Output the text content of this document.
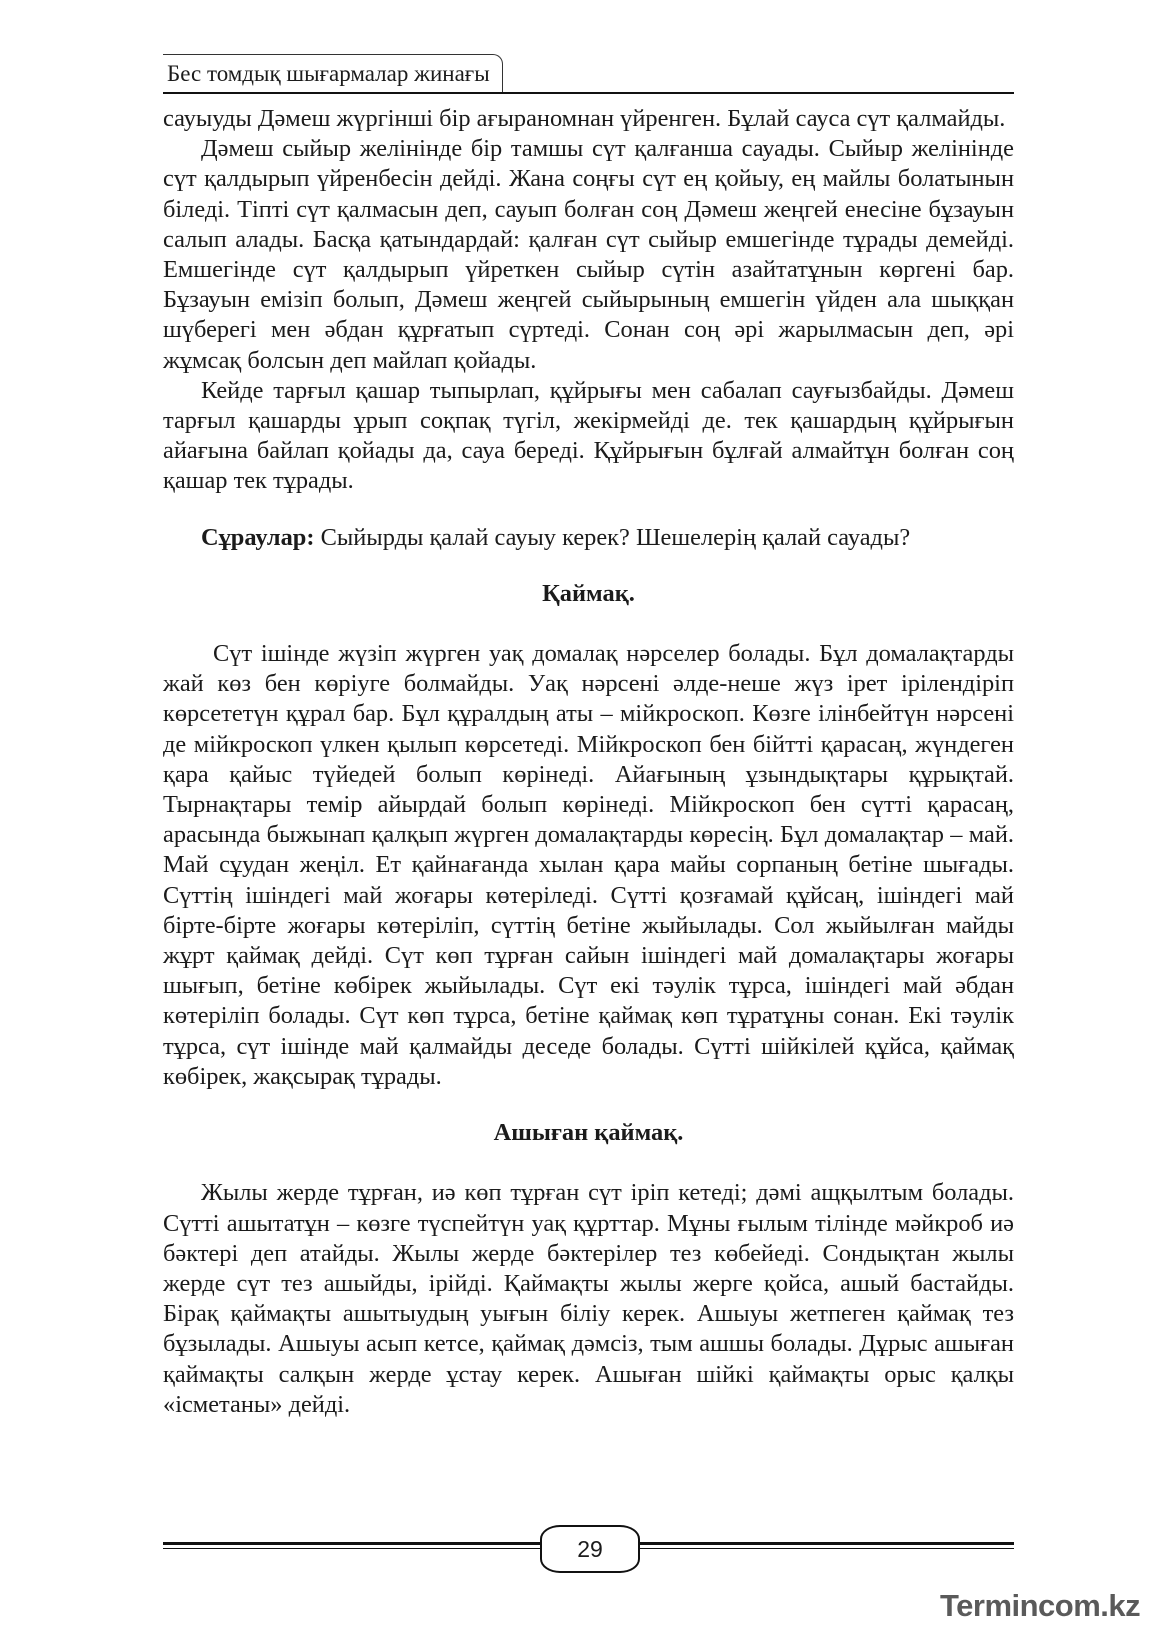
Бес томдық шығармалар жинағы

сауыуды Дәмеш жүргінші бір ағыраномнан үйренген. Бұлай сауса сүт қалмайды.

Дәмеш сыйыр желінінде бір тамшы сүт қалғанша сауады. Сыйыр желінінде сүт қалдырып үйренбесін дейді. Жана соңғы сүт ең қойыу, ең майлы болатынын біледі. Тіпті сүт қалмасын деп, сауып болған соң Дәмеш жеңгей енесіне бұзауын салып алады. Басқа қатындардай: қалған сүт сыйыр емшегінде тұрады демейді. Емшегінде сүт қалдырып үйреткен сыйыр сүтін азайтатұнын көргені бар. Бұзауын емізіп болып, Дәмеш жеңгей сыйырының емшегін үйден ала шыққан шүберегі мен әбдан құрғатып сүртеді. Сонан соң әрі жарылмасын деп, әрі жұмсақ болсын деп майлап қойады.

Кейде тарғыл қашар тыпырлап, құйрығы мен сабалап сауғызбайды. Дәмеш тарғыл қашарды ұрып соқпақ түгіл, жекірмейді де. тек қашардың құйрығын айағына байлап қойады да, сауа береді. Құйрығын бұлғай алмайтұн болған соң қашар тек тұрады.

Сұраулар: Сыйырды қалай сауыу керек? Шешелерің қалай сауады?

Қаймақ.

Сүт ішінде жүзіп жүрген уақ домалақ нәрселер болады. Бұл домалақтарды жай көз бен көріуге болмайды. Уақ нәрсені әлде-неше жүз ірет ірілендіріп көрсететүн құрал бар. Бұл құралдың аты – мійкроскоп. Көзге ілінбейтүн нәрсені де мійкроскоп үлкен қылып көрсетеді. Мійкроскоп бен бійтті қарасаң, жүндеген қара қайыс түйедей болып көрінеді. Айағының ұзындықтары құрықтай. Тырнақтары темір айырдай болып көрінеді. Мійкроскоп бен сүтті қарасаң, арасында быжынап қалқып жүрген домалақтарды көресің. Бұл домалақтар – май. Май сұудан жеңіл. Ет қайнағанда хылан қара майы сорпаның бетіне шығады. Сүттің ішіндегі май жоғары көтеріледі. Сүтті қозғамай құйсаң, ішіндегі май бірте-бірте жоғары көтеріліп, сүттің бетіне жыйылады. Сол жыйылған майды жұрт қаймақ дейді. Сүт көп тұрған сайын ішіндегі май домалақтары жоғары шығып, бетіне көбірек жыйылады. Сүт екі тәулік тұрса, ішіндегі май әбдан көтеріліп болады. Сүт көп тұрса, бетіне қаймақ көп тұратұны сонан. Екі тәулік тұрса, сүт ішінде май қалмайды деседе болады. Сүтті шійкілей құйса, қаймақ көбірек, жақсырақ тұрады.

Ашыған қаймақ.

Жылы жерде тұрған, иә көп тұрған сүт іріп кетеді; дәмі ащқылтым болады. Сүтті ашытатұн – көзге түспейтүн уақ құрттар. Мұны ғылым тілінде мәйкроб иә бәктері деп атайды. Жылы жерде бәктерілер тез көбейеді. Сондықтан жылы жерде сүт тез ашыйды, ірійді. Қаймақты жылы жерге қойса, ашый бастайды. Бірақ қаймақты ашытыудың уығын біліу керек. Ашыуы жетпеген қаймақ тез бұзылады. Ашыуы асып кетсе, қаймақ дәмсіз, тым ашшы болады. Дұрыс ашыған қаймақты салқын жерде ұстау керек. Ашыған шійкі қаймақты орыс қалқы «ісметаны» дейді.

29
Termincom.kz
